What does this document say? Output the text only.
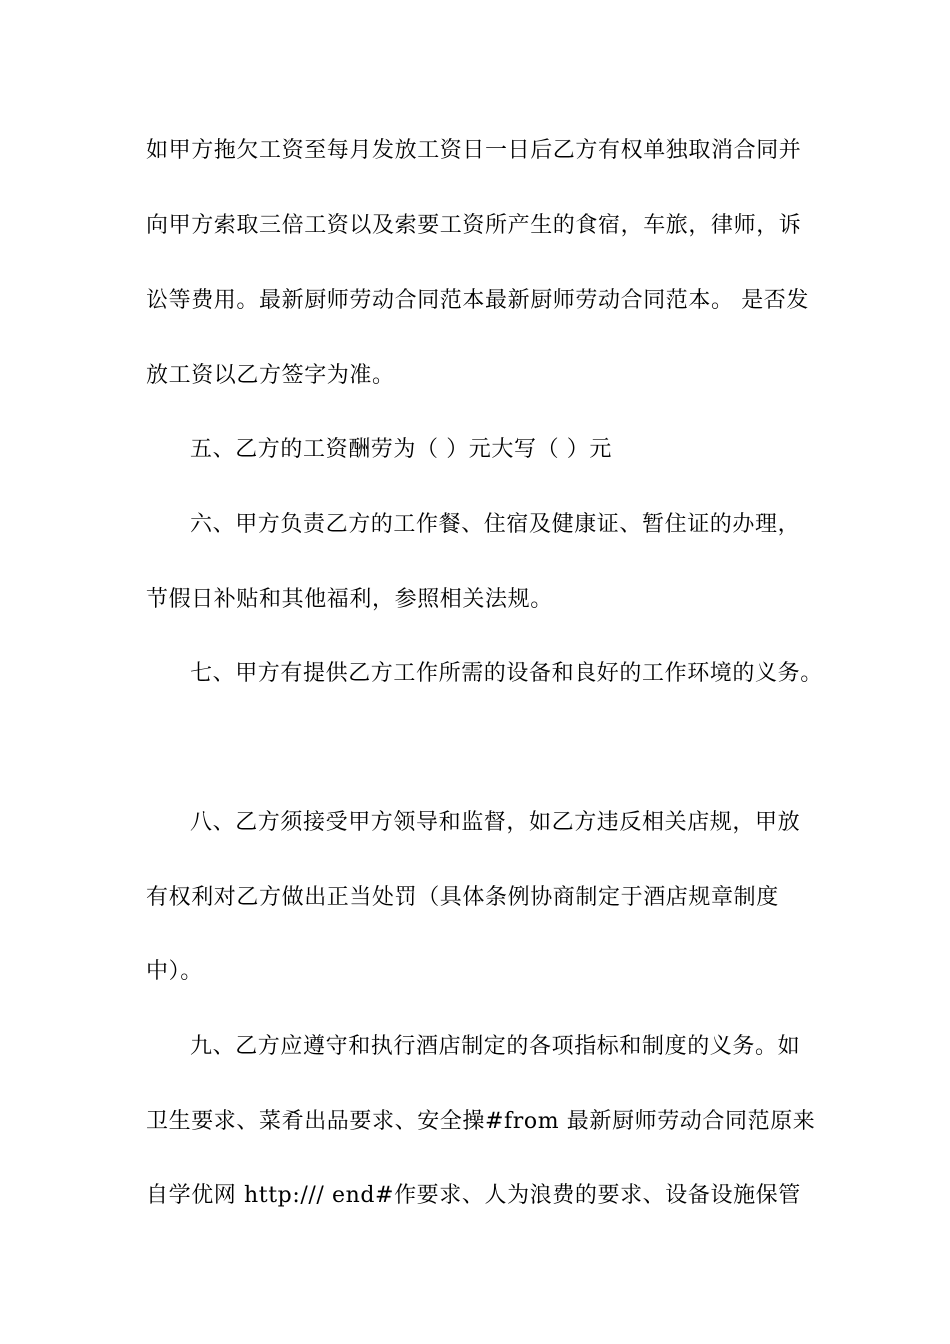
如甲方拖欠工资至每月发放工资日一日后乙方有权单独取消合同并
向甲方索取三倍工资以及索要工资所产生的食宿，车旅，律师，诉
讼等费用。最新厨师劳动合同范本最新厨师劳动合同范本。 是否发
放工资以乙方签字为准。
五、乙方的工资酬劳为（ ）元大写（ ）元
六、甲方负责乙方的工作餐、住宿及健康证、暂住证的办理，
节假日补贴和其他福利，参照相关法规。
七、甲方有提供乙方工作所需的设备和良好的工作环境的义务。
八、乙方须接受甲方领导和监督，如乙方违反相关店规，甲放
有权利对乙方做出正当处罚（具体条例协商制定于酒店规章制度
中）。
九、乙方应遵守和执行酒店制定的各项指标和制度的义务。如
卫生要求、菜肴出品要求、安全操#from 最新厨师劳动合同范原来
自学优网 http:/// end#作要求、人为浪费的要求、设备设施保管
